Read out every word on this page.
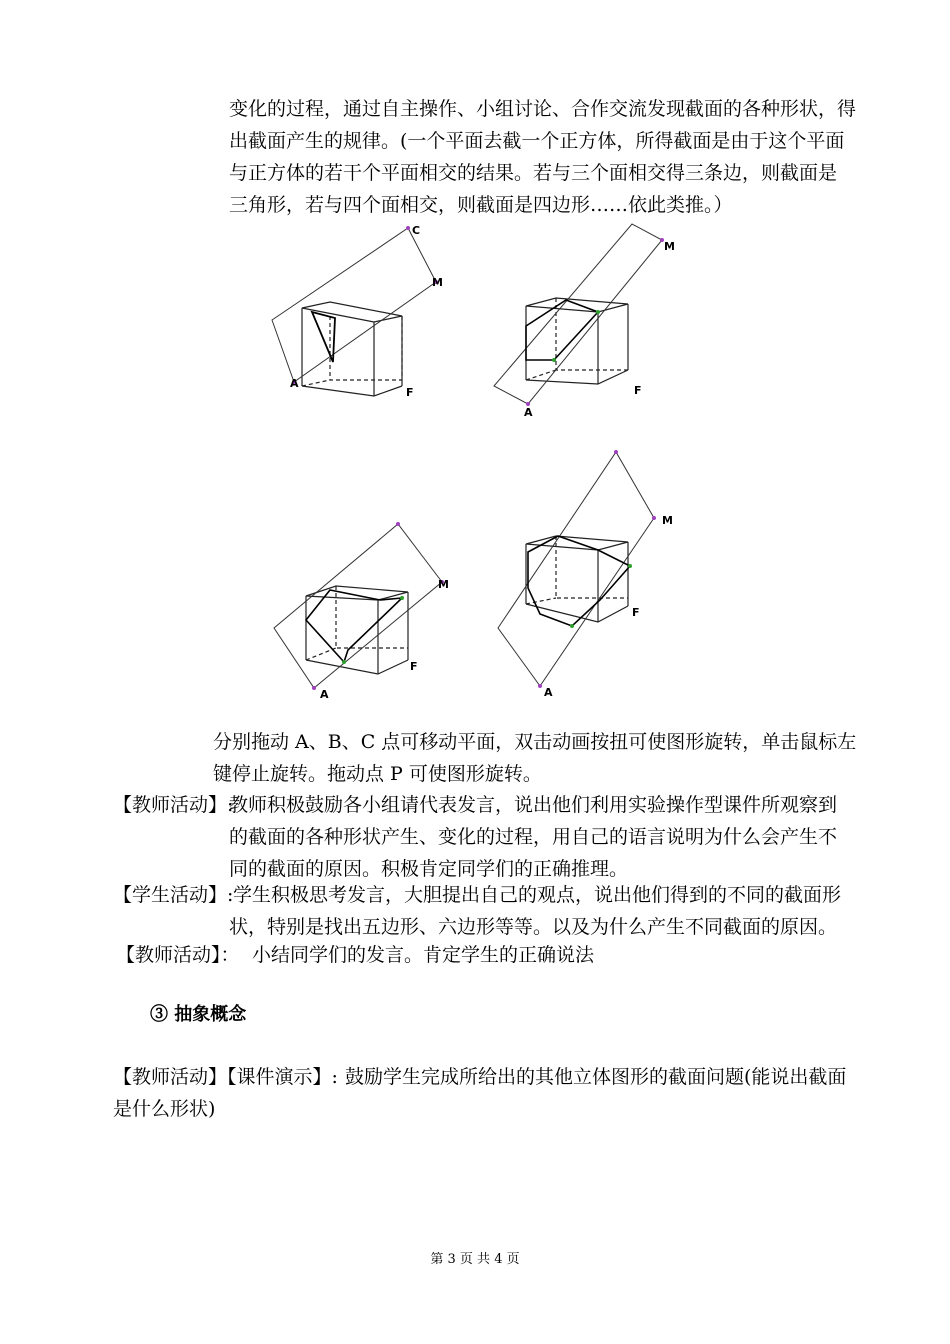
变化的过程，通过自主操作、小组讨论、合作交流发现截面的各种形状，得
出截面产生的规律。(一个平面去截一个正方体，所得截面是由于这个平面
与正方体的若干个平面相交的结果。若与三个面相交得三条边，则截面是
三角形，若与四个面相交，则截面是四边形……依此类推。）
A
C
M
F
A
M
F
A
M
F
A
M
F
分别拖动 A、B、C 点可移动平面，双击动画按扭可使图形旋转，单击鼠标左
键停止旋转。拖动点 P 可使图形旋转。
【教师活动】:
教师积极鼓励各小组请代表发言，说出他们利用实验操作型课件所观察到
的截面的各种形状产生、变化的过程，用自己的语言说明为什么会产生不
同的截面的原因。积极肯定同学们的正确推理。
【学生活动】: 学生积极思考发言，大胆提出自己的观点，说出他们得到的不同的截面形
状，特别是找出五边形、六边形等等。以及为什么产生不同截面的原因。
【教师活动】： 小结同学们的发言。肯定学生的正确说法
③ 抽象概念
【教师活动】【课件演示】: 鼓励学生完成所给出的其他立体图形的截面问题(能说出截面
是什么形状)
第 3 页 共 4 页
